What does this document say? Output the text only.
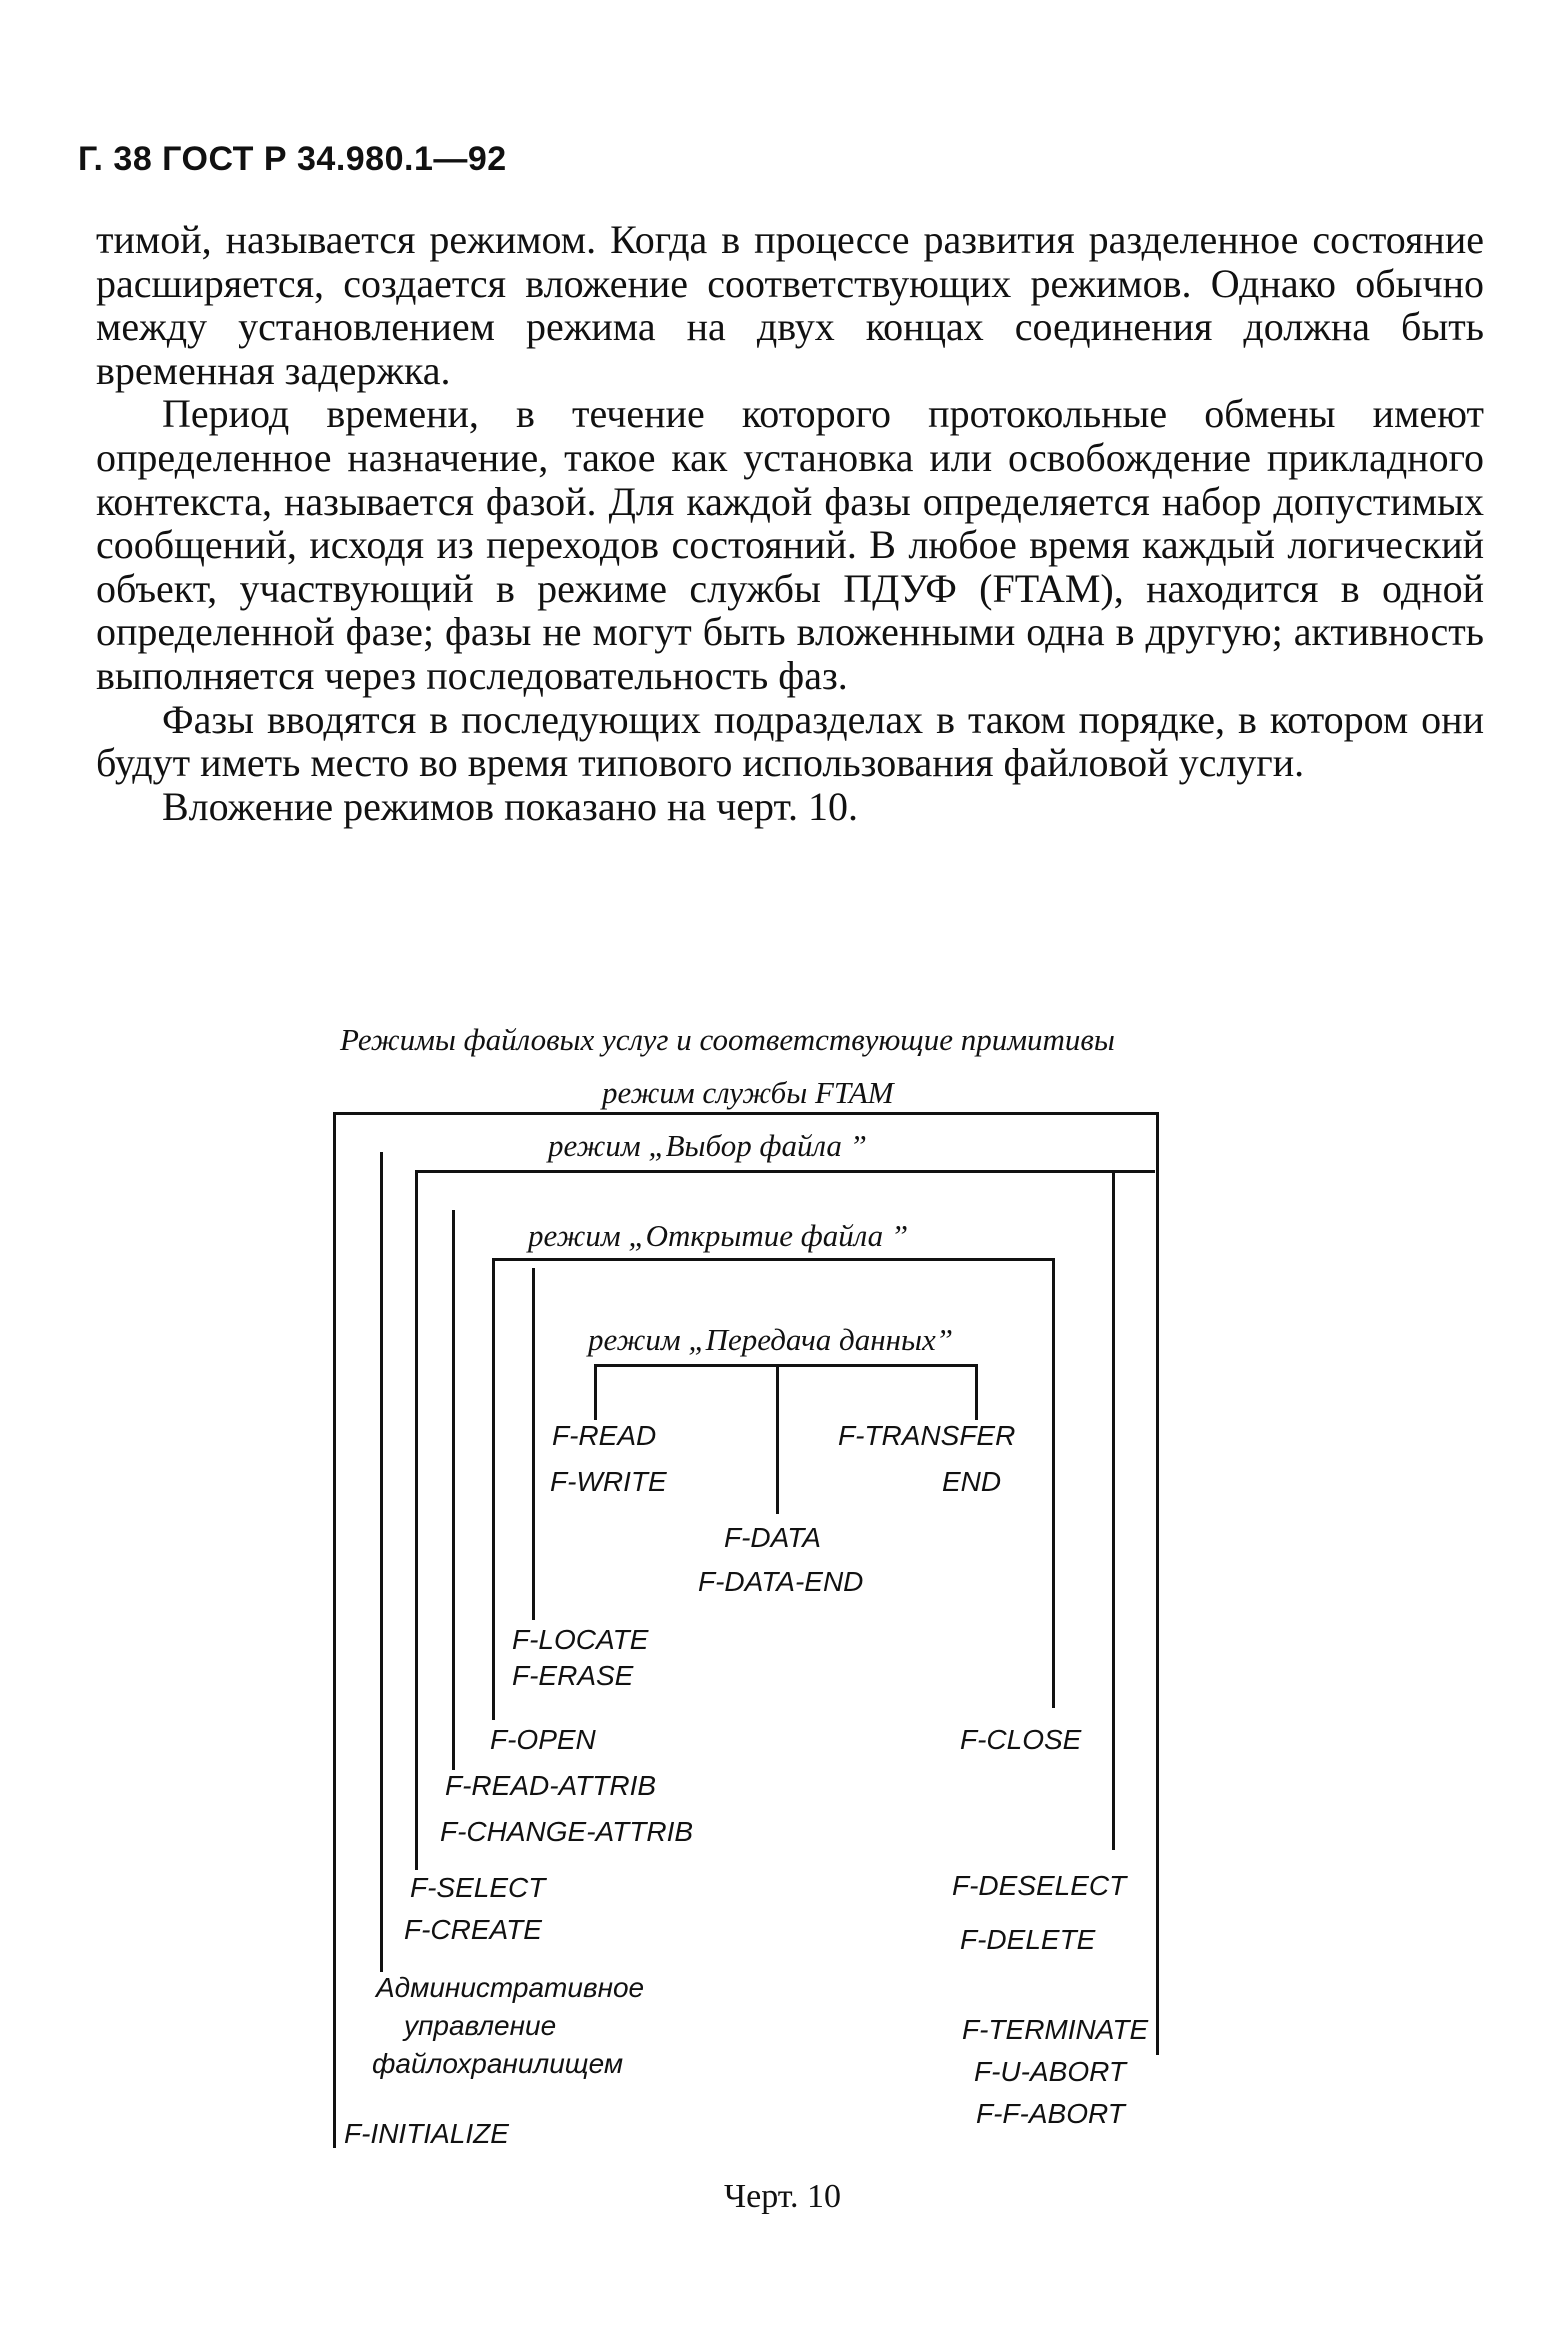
Г. 38 ГОСТ Р 34.980.1—92

тимой, называется режимом. Когда в процессе развития разделенное состояние расширяется, создается вложение соответствующих режимов. Однако обычно между установлением режима на двух концах соединения должна быть временная задержка.

Период времени, в течение которого протокольные обмены имеют определенное назначение, такое как установка или освобождение прикладного контекста, называется фазой. Для каждой фазы определяется набор допустимых сообщений, исходя из переходов состояний. В любое время каждый логический объект, участвующий в режиме службы ПДУФ (FTAM), находится в одной определенной фазе; фазы не могут быть вложенными одна в другую; активность выполняется через последовательность фаз.

Фазы вводятся в последующих подразделах в таком порядке, в котором они будут иметь место во время типового использования файловой услуги.

Вложение режимов показано на черт. 10.

Режимы файловых услуг и соответствующие примитивы
режим службы FTAM
режим „Выбор файла ”
режим „Открытие файла ”
режим „Передача данных”
F-READ
F-WRITE
F-TRANSFER
END
F-DATA
F-DATA-END
F-LOCATE
F-ERASE
F-OPEN	F-CLOSE
F-READ-ATTRIB
F-CHANGE-ATTRIB
F-SELECT
F-CREATE
F-DESELECT
F-DELETE
Административное
управление
файлохранилищем
F-TERMINATE
F-U-ABORT
F-F-ABORT
F-INITIALIZE
Черт. 10
